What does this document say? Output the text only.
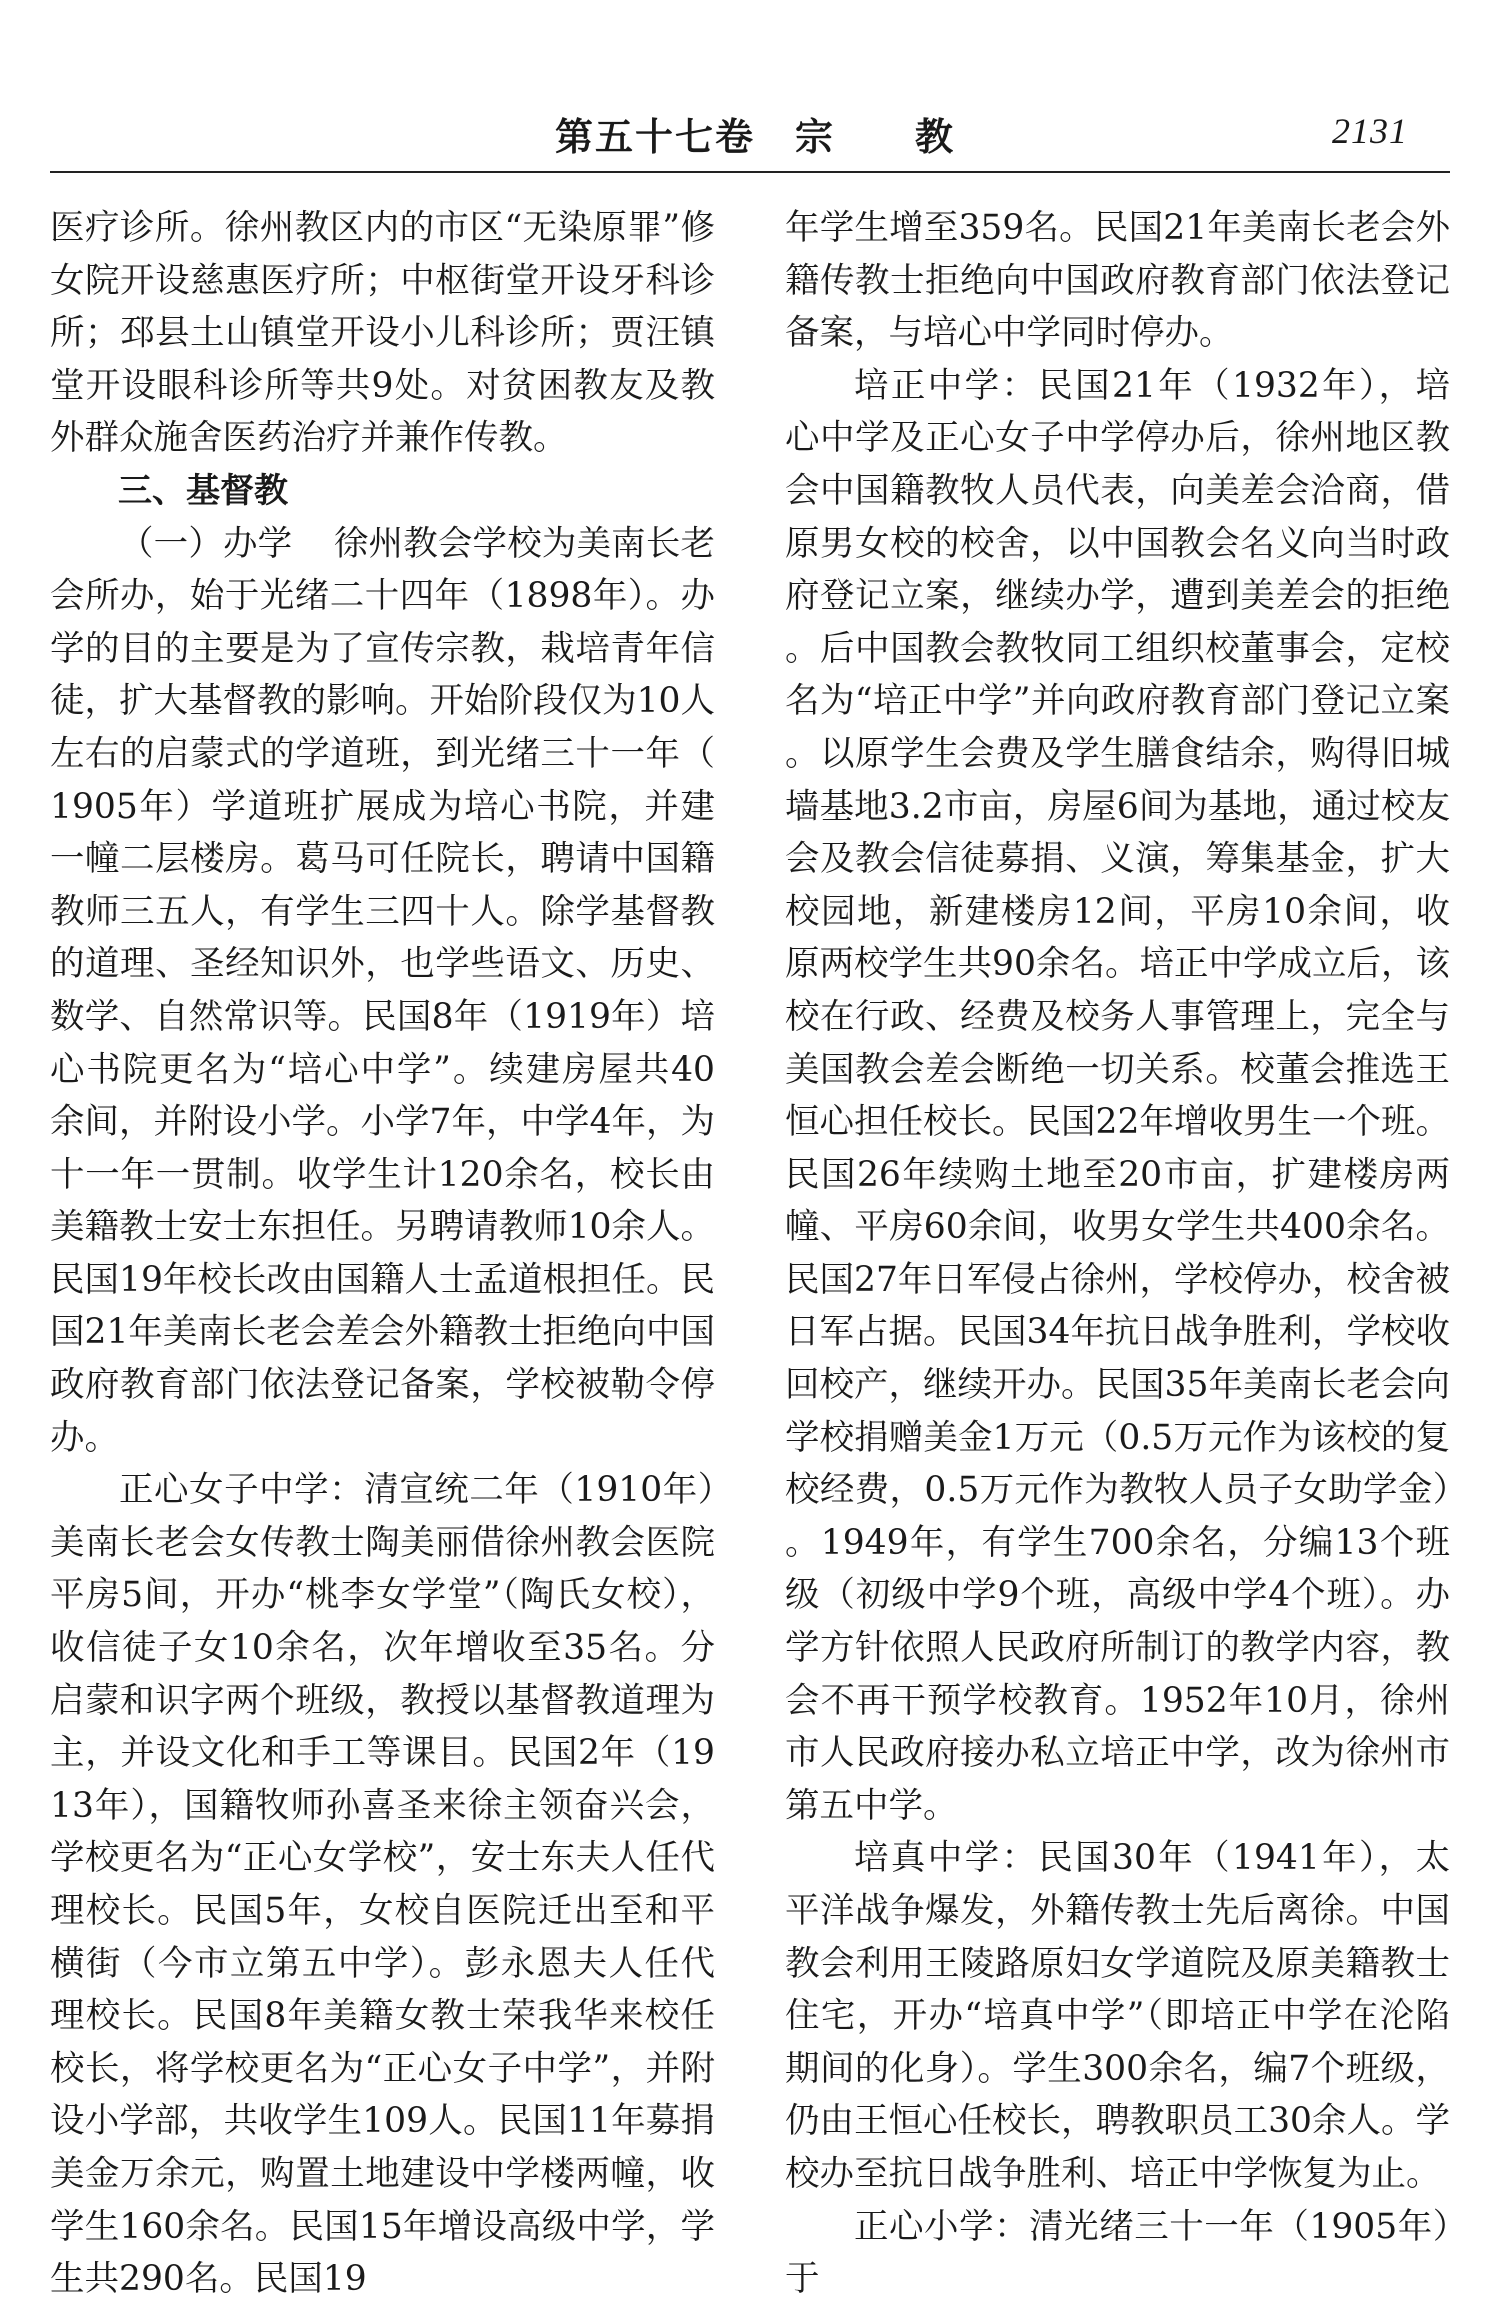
第五十七卷　宗　　教	2131

医疗诊所。徐州教区内的市区“无染原罪”修女院开设慈惠医疗所；中枢街堂开设牙科诊所；邳县土山镇堂开设小儿科诊所；贾汪镇堂开设眼科诊所等共9处。对贫困教友及教外群众施舍医药治疗并兼作传教。

三、基督教

（一）办学 徐州教会学校为美南长老会所办，始于光绪二十四年（1898年）。办学的目的主要是为了宣传宗教，栽培青年信徒，扩大基督教的影响。开始阶段仅为10人左右的启蒙式的学道班，到光绪三十一年（1905年）学道班扩展成为培心书院，并建一幢二层楼房。葛马可任院长，聘请中国籍教师三五人，有学生三四十人。除学基督教的道理、圣经知识外，也学些语文、历史、数学、自然常识等。民国8年（1919年）培心书院更名为“培心中学”。续建房屋共40余间，并附设小学。小学7年，中学4年，为十一年一贯制。收学生计120余名，校长由美籍教士安士东担任。另聘请教师10余人。民国19年校长改由国籍人士孟道根担任。民国21年美南长老会差会外籍教士拒绝向中国政府教育部门依法登记备案，学校被勒令停办。

正心女子中学：清宣统二年（1910年）美南长老会女传教士陶美丽借徐州教会医院平房5间，开办“桃李女学堂”（陶氏女校），收信徒子女10余名，次年增收至35名。分启蒙和识字两个班级，教授以基督教道理为主，并设文化和手工等课目。民国2年（1913年），国籍牧师孙喜圣来徐主领奋兴会，学校更名为“正心女学校”，安士东夫人任代理校长。民国5年，女校自医院迁出至和平横街（今市立第五中学）。彭永恩夫人任代理校长。民国8年美籍女教士荣我华来校任校长，将学校更名为“正心女子中学”，并附设小学部，共收学生109人。民国11年募捐美金万余元，购置土地建设中学楼两幢，收学生160余名。民国15年增设高级中学，学生共290名。民国19

年学生增至359名。民国21年美南长老会外籍传教士拒绝向中国政府教育部门依法登记备案，与培心中学同时停办。

培正中学：民国21年（1932年），培心中学及正心女子中学停办后，徐州地区教会中国籍教牧人员代表，向美差会洽商，借原男女校的校舍，以中国教会名义向当时政府登记立案，继续办学，遭到美差会的拒绝。后中国教会教牧同工组织校董事会，定校名为“培正中学”并向政府教育部门登记立案。以原学生会费及学生膳食结余，购得旧城墙基地3.2市亩，房屋6间为基地，通过校友会及教会信徒募捐、义演，筹集基金，扩大校园地，新建楼房12间，平房10余间，收原两校学生共90余名。培正中学成立后，该校在行政、经费及校务人事管理上，完全与美国教会差会断绝一切关系。校董会推选王恒心担任校长。民国22年增收男生一个班。民国26年续购土地至20市亩，扩建楼房两幢、平房60余间，收男女学生共400余名。民国27年日军侵占徐州，学校停办，校舍被日军占据。民国34年抗日战争胜利，学校收回校产，继续开办。民国35年美南长老会向学校捐赠美金1万元（0.5万元作为该校的复校经费，0.5万元作为教牧人员子女助学金）。1949年，有学生700余名，分编13个班级（初级中学9个班，高级中学4个班）。办学方针依照人民政府所制订的教学内容，教会不再干预学校教育。1952年10月，徐州市人民政府接办私立培正中学，改为徐州市第五中学。

培真中学：民国30年（1941年），太平洋战争爆发，外籍传教士先后离徐。中国教会利用王陵路原妇女学道院及原美籍教士住宅，开办“培真中学”（即培正中学在沦陷期间的化身）。学生300余名，编7个班级，仍由王恒心任校长，聘教职员工30余人。学校办至抗日战争胜利、培正中学恢复为止。

正心小学：清光绪三十一年（1905年）于
